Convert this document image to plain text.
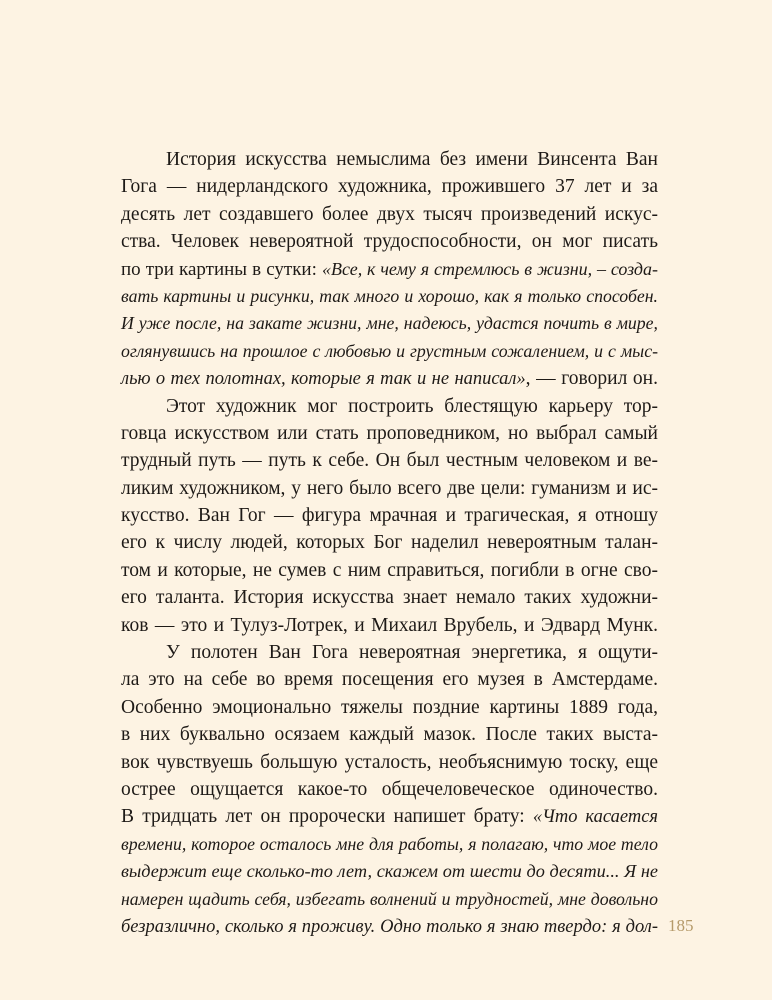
История искусства немыслима без имени Винсента Ван
Гога — нидерландского художника, прожившего 37 лет и за
десять лет создавшего более двух тысяч произведений искус-
ства. Человек невероятной трудоспособности, он мог писать
по три картины в сутки: «Все, к чему я стремлюсь в жизни, – созда-
вать картины и рисунки, так много и хорошо, как я только способен.
И уже после, на закате жизни, мне, надеюсь, удастся почить в мире,
оглянувшись на прошлое с любовью и грустным сожалением, и с мыс-
лью о тех полотнах, которые я так и не написал», — говорил он.
Этот художник мог построить блестящую карьеру тор-
говца искусством или стать проповедником, но выбрал самый
трудный путь — путь к себе. Он был честным человеком и ве-
ликим художником, у него было всего две цели: гуманизм и ис-
кусство. Ван Гог — фигура мрачная и трагическая, я отношу
его к числу людей, которых Бог наделил невероятным талан-
том и которые, не сумев с ним справиться, погибли в огне сво-
его таланта. История искусства знает немало таких художни-
ков — это и Тулуз-Лотрек, и Михаил Врубель, и Эдвард Мунк.
У полотен Ван Гога невероятная энергетика, я ощути-
ла это на себе во время посещения его музея в Амстердаме.
Особенно эмоционально тяжелы поздние картины 1889 года,
в них буквально осязаем каждый мазок. После таких выста-
вок чувствуешь большую усталость, необъяснимую тоску, еще
острее ощущается какое-то общечеловеческое одиночество.
В тридцать лет он пророчески напишет брату: «Что касается
времени, которое осталось мне для работы, я полагаю, что мое тело
выдержит еще сколько-то лет, скажем от шести до десяти... Я не
намерен щадить себя, избегать волнений и трудностей, мне довольно
безразлично, сколько я проживу. Одно только я знаю твердо: я дол- 185
